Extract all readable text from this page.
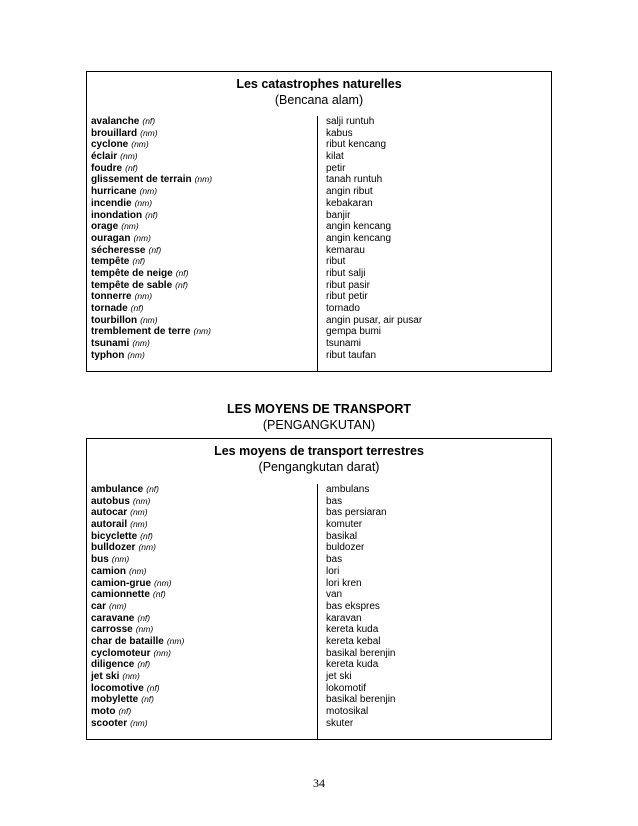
Les catastrophes naturelles
(Bencana alam)
avalanche (nf)	salji runtuh
brouillard (nm)	kabus
cyclone (nm)	ribut kencang
éclair (nm)	kilat
foudre (nf)	petir
glissement de terrain (nm)	tanah runtuh
hurricane (nm)	angin ribut
incendie (nm)	kebakaran
inondation (nf)	banjir
orage (nm)	angin kencang
ouragan (nm)	angin kencang
sécheresse (nf)	kemarau
tempête (nf)	ribut
tempête de neige (nf)	ribut salji
tempête de sable (nf)	ribut pasir
tonnerre (nm)	ribut petir
tornade (nf)	tornado
tourbillon (nm)	angin pusar, air pusar
tremblement de terre (nm)	gempa bumi
tsunami (nm)	tsunami
typhon (nm)	ribut taufan
LES MOYENS DE TRANSPORT
(PENGANGKUTAN)
Les moyens de transport terrestres
(Pengangkutan darat)
ambulance (nf)	ambulans
autobus (nm)	bas
autocar (nm)	bas persiaran
autorail (nm)	komuter
bicyclette (nf)	basikal
bulldozer (nm)	buldozer
bus (nm)	bas
camion (nm)	lori
camion-grue (nm)	lori kren
camionnette (nf)	van
car (nm)	bas ekspres
caravane (nf)	karavan
carrosse (nm)	kereta kuda
char de bataille (nm)	kereta kebal
cyclomoteur (nm)	basikal berenjin
diligence (nf)	kereta kuda
jet ski (nm)	jet ski
locomotive (nf)	lokomotif
mobylette (nf)	basikal berenjin
moto (nf)	motosikal
scooter (nm)	skuter
34
